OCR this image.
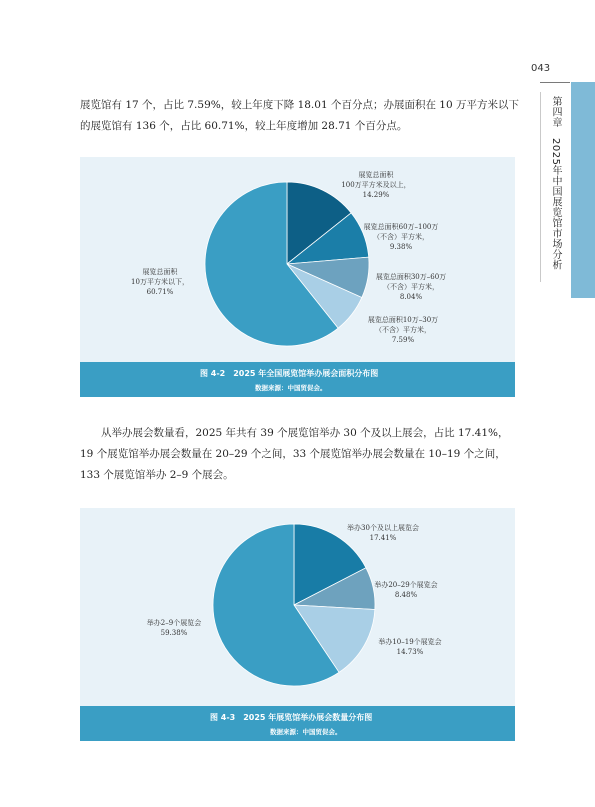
043
第四章　2025年中国展览馆市场分析

展览馆有 17 个，占比 7.59%，较上年度下降 18.01 个百分点；办展面积在 10 万平方米以下的展览馆有 136 个，占比 60.71%，较上年度增加 28.71 个百分点。

展览总面积 100万平方米及以上， 14.29%
展览总面积60万–100万（不含）平方米， 9.38%
展览总面积30万–60万（不含）平方米， 8.04%
展览总面积10万–30万（不含）平方米， 7.59%
展览总面积 10万平方米以下， 60.71%
图 4-2　2025 年全国展览馆举办展会面积分布图
数据来源：中国贸促会。

从举办展会数量看，2025 年共有 39 个展览馆举办 30 个及以上展会，占比 17.41%，19 个展览馆举办展会数量在 20–29 个之间，33 个展览馆举办展会数量在 10–19 个之间，133 个展览馆举办 2–9 个展会。

举办30个及以上展览会 17.41%
举办20–29个展览会 8.48%
举办10–19个展览会 14.73%
举办2–9个展览会 59.38%
图 4-3　2025 年展览馆举办展会数量分布图
数据来源：中国贸促会。
